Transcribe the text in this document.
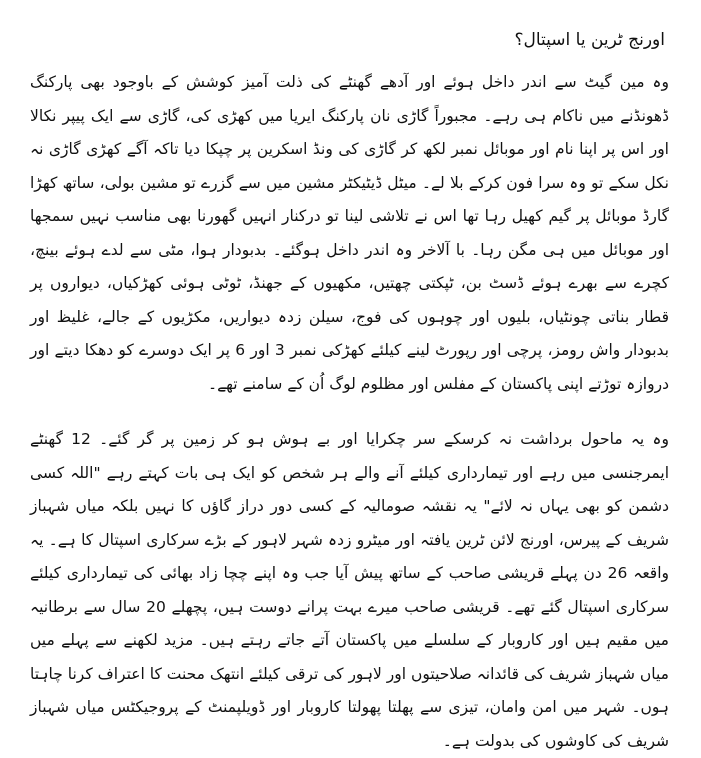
اورنج ٹرین یا اسپتال؟

وہ مین گیٹ سے اندر داخل ہوئے اور آدھے گھنٹے کی ذلت آمیز کوشش کے باوجود بھی پارکنگ ڈھونڈنے میں ناکام ہی رہے۔ مجبوراً گاڑی نان پارکنگ ایریا میں کھڑی کی، گاڑی سے ایک پیپر نکالا اور اس پر اپنا نام اور موبائل نمبر لکھ کر گاڑی کی ونڈ اسکرین پر چپکا دیا تاکہ آگے کھڑی گاڑی نہ نکل سکے تو وہ سرا فون کرکے بلا لے۔ میٹل ڈیٹیکٹر مشین میں سے گزرے تو مشین بولی، ساتھ کھڑا گارڈ موبائل پر گیم کھیل رہا تھا اس نے تلاشی لینا تو درکنار انہیں گھورنا بھی مناسب نہیں سمجھا اور موبائل میں ہی مگن رہا۔ با آلاخر وہ اندر داخل ہوگئے۔ بدبودار ہوا، مٹی سے لدے ہوئے بینچ، کچرے سے بھرے ہوئے ڈسٹ بن، ٹپکتی چھتیں، مکھیوں کے جھنڈ، ٹوٹی ہوئی کھڑکیاں، دیواروں پر قطار بناتی چونٹیاں، بلیوں اور چوہوں کی فوج، سیلن زدہ دیواریں، مکڑیوں کے جالے، غلیظ اور بدبودار واش رومز، پرچی اور رپورٹ لینے کیلئے کھڑکی نمبر 3 اور 6 پر ایک دوسرے کو دھکا دیتے اور دروازہ توڑتے اپنی پاکستان کے مفلس اور مظلوم لوگ اُن کے سامنے تھے۔

وہ یہ ماحول برداشت نہ کرسکے سر چکرایا اور بے ہوش ہو کر زمین پر گر گئے۔ 12 گھنٹے ایمرجنسی میں رہے اور تیمارداری کیلئے آنے والے ہر شخص کو ایک ہی بات کہتے رہے "اللہ کسی دشمن کو بھی یہاں نہ لائے" یہ نقشہ صومالیہ کے کسی دور دراز گاؤں کا نہیں بلکہ میاں شہباز شریف کے پیرس، اورنج لائن ٹرین یافتہ اور میٹرو زدہ شہر لاہور کے بڑے سرکاری اسپتال کا ہے۔ یہ واقعہ 26 دن پہلے قریشی صاحب کے ساتھ پیش آیا جب وہ اپنے چچا زاد بھائی کی تیمارداری کیلئے سرکاری اسپتال گئے تھے۔ قریشی صاحب میرے بہت پرانے دوست ہیں، پچھلے 20 سال سے برطانیہ میں مقیم ہیں اور کاروبار کے سلسلے میں پاکستان آتے جاتے رہتے ہیں۔ مزید لکھنے سے پہلے میں میاں شہباز شریف کی قائدانہ صلاحیتوں اور لاہور کی ترقی کیلئے انتھک محنت کا اعتراف کرنا چاہتا ہوں۔ شہر میں امن وامان، تیزی سے پھلتا پھولتا کاروبار اور ڈویلپمنٹ کے پروجیکٹس میاں شہباز شریف کی کاوشوں کی بدولت ہے۔
